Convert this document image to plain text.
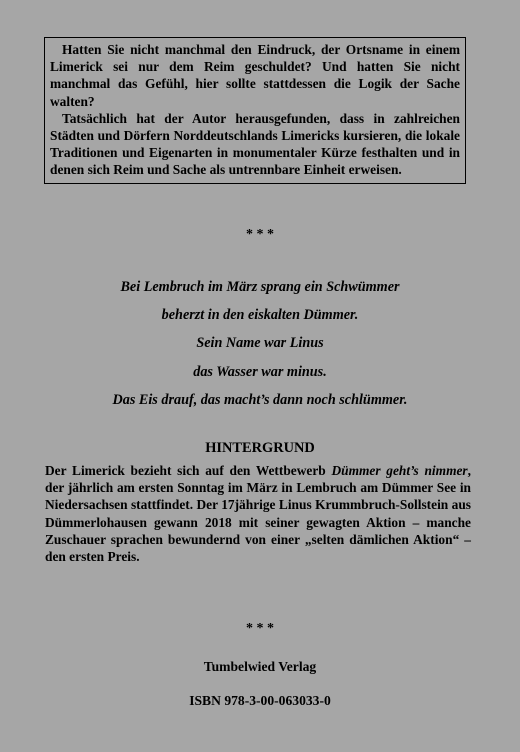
Hatten Sie nicht manchmal den Eindruck, der Ortsname in einem Limerick sei nur dem Reim geschuldet? Und hatten Sie nicht manchmal das Gefühl, hier sollte stattdessen die Logik der Sache walten?

Tatsächlich hat der Autor herausgefunden, dass in zahlreichen Städten und Dörfern Norddeutschlands Limericks kursieren, die lokale Traditionen und Eigenarten in monumentaler Kürze festhalten und in denen sich Reim und Sache als untrennbare Einheit erweisen.

* * *
Bei Lembruch im März sprang ein Schwümmer
beherzt in den eiskalten Dümmer.
Sein Name war Linus
das Wasser war minus.
Das Eis drauf, das macht’s dann noch schlümmer.
HINTERGRUND
Der Limerick bezieht sich auf den Wettbewerb Dümmer geht’s nimmer, der jährlich am ersten Sonntag im März in Lembruch am Dümmer See in Niedersachsen stattfindet. Der 17jährige Linus Krummbruch-Sollstein aus Dümmerlohausen gewann 2018 mit seiner gewagten Aktion – manche Zuschauer sprachen bewundernd von einer „selten dämlichen Aktion“ – den ersten Preis.
* * *
Tumbelwied Verlag
ISBN 978-3-00-063033-0
